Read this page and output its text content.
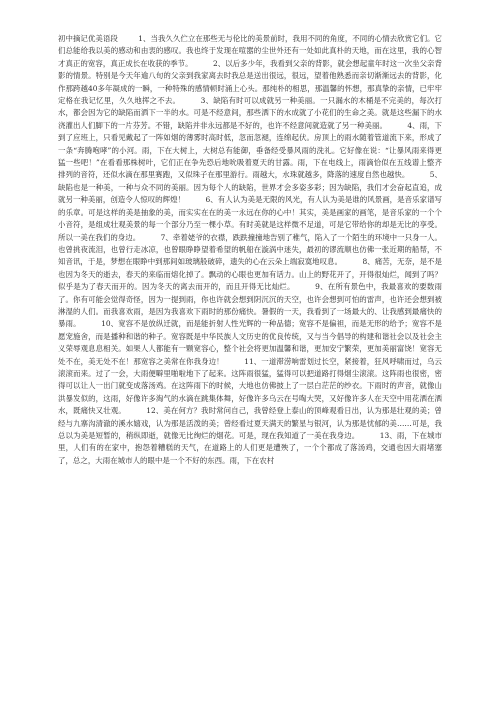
初中摘记优美语段	1、当我久久伫立在那些无与伦比的美景前时，我用不同的角度，不同的心情去欣赏它们。它们总能给我以美的感动和由衷的感叹。我也终于发现在喧嚣的尘世外还有一处如此真朴的天地，而在这里，我的心智才真正的宽容，真正成长在收获的季节。	2、以后多少年，我看到父亲的背影，就会想起童年时这一次坐父亲背影的情景。特别是今天年逾八旬的父亲到我家离去时我总是送出很远，很远，望着他熟悉而亲切渐渐远去的背影，化作那跨越40多年凝成的一瞬，一种特殊的感情顿时涌上心头。那纯朴的相思，那温馨的怀想，那真挚的亲情，已牢牢定格在我记忆里，久久地挥之不去。	3、缺陷有时可以成就另一种美丽。一只漏水的木桶是不完美的，每次打水，都会因为它的缺陷而洒下一半的水。可是不经意间，那些洒下的水成就了小花们的生命之美。就是这些漏下的水浇灌出人们脚下的一片芬芳。不错，缺陷并非永远都是不好的，也许不经意间就造就了另一种美丽。	4、雨，下到了应班上，只看见戴起了一阵如烟的薄雾时高时低，忽而忽褪，连绵起伏。房顶上的雨水随着管道流下来，形成了一条“奔腾咆哮”的小河。雨，下在大树上，大树总有能御，垂备经受暴风雨的洗礼。它好像在说：“让暴风雨来得更猛一些吧！”在看看那株树叶，它们正在争先恐后地吮吸着夏天的甘露。雨，下在电线上，雨滴恰似在五线谱上整齐排列的音符，还似水滴在那里赛跑，又似珠子在那里游行。雨越大，水珠就越多，降落的速度自然也越快。	5、缺陷也是一种美，一种与众不同的美丽。因为每个人的缺陷，世界才会多姿多彩；因为缺陷，我们才会奋起直追，成就另一种美丽，创造令人惊叹的辉煌！	6、有人认为美是无限的风光，有人认为美是谁的风景画，是音乐家谱写的乐章。可是这样的美是抽象的美，而实实在在的美一永远在你的心中！其实，美是画家的画笔，是音乐家的一个个小音符，是组成壮观美景的每一个部分乃至一棵小草。有时美就是这样微不足道，可是它带给你的却是无比的享受。所以一美在我们的身边。	7、牵着姥爷的衣襟，跌跌撞撞地告别了稚气，陷入了一个陌生的环境中一只身一人。也曾挑夜流泪，也曾行走冰凉，也曾眼睁睁望着希望的帆船在漩涡中迷失，最初的谬流顺也仿佛一张近期的船帮，不知音讯，于是，梦想在眼睁中到那间如玻璃般破碎，遗失的心在云朵上端寂寞地叹息。	8、痛苦，无奈，是不是也因为冬天的逝去，春天的来临而熔化掉了。飘动的心眼也更加有话力。山上的野花开了，开得很灿烂，闻到了吗？似乎是为了春天而开的。因为冬天的离去而开的，而且开得无比灿烂。	9、在所有景色中，我最喜欢的要数雨了。你有可能会觉得奇怪，因为一提到雨，你也许就会想到阴沉沉的天空，也许会想到可怕的雷声，也许还会想到被淋湿的人们。而我喜欢雨，是因为我喜欢下雨时的那份痛快。暑假的一天，我看到了一场最大的、让我感到最痛快的暴雨。	10、宽容不是放纵迁就，而是能折射人性光辉的一种品德；宽容不是偏袒，而是无形的给予；宽容不是愿宠施舍，而是播种和谐的种子。宽容既是中华民族人文历史的优良传统，又与当今倡导的构建和谐社会以及社会主义荣辱观息息相关。如果人人都能有一颗宽容心，整个社会将更加温馨和谐，更加安宁繁荣，更加美丽富饶！宽容无处不在，美无处不在！那宽容之美常在你我身边！	11、一道滞涝响雷划过长空，紧接着，狂风呼啸而过，乌云滚滚而来。过了一会，大雨便噼里啪啦地下了起来。这阵雨很猛，猛得可以把道路打得烟尘滚滚。这阵雨也很密，密得可以让人一出门就变成落汤鸡。在这阵雨下的时候，大地也仿佛披上了一层白茫茫的纱衣。下雨时的声音，就像山洪暴发似的，这雨，好像许多淘气的水滴在跳集体舞，好像许多乌云在号啕大哭，又好像许多人在天空中用花洒在洒水，既痛快又壮观。	12、美在何方？我时常问自己，我曾经登上泰山的顶峰观看日出，认为那是壮观的美；曾经与九寨沟清澈的溪水嬉戏，认为那是活泼的美；曾经看过夏天满天的繁星与银河，认为那是忧郁的美……可是，我总以为美是短暂的，稍纵即逝，就像无比绚烂的烟花。可是，现在我知道了一美在我身边。	13、雨，下在城市里，人们有的在家中，抱怨着糟糕的天气，在道路上的人们更是遭殃了，一个个都成了落汤鸡，交通也因大雨堵塞了，总之，大雨在城市人的眼中是一个不好的东西。雨，下在农村
